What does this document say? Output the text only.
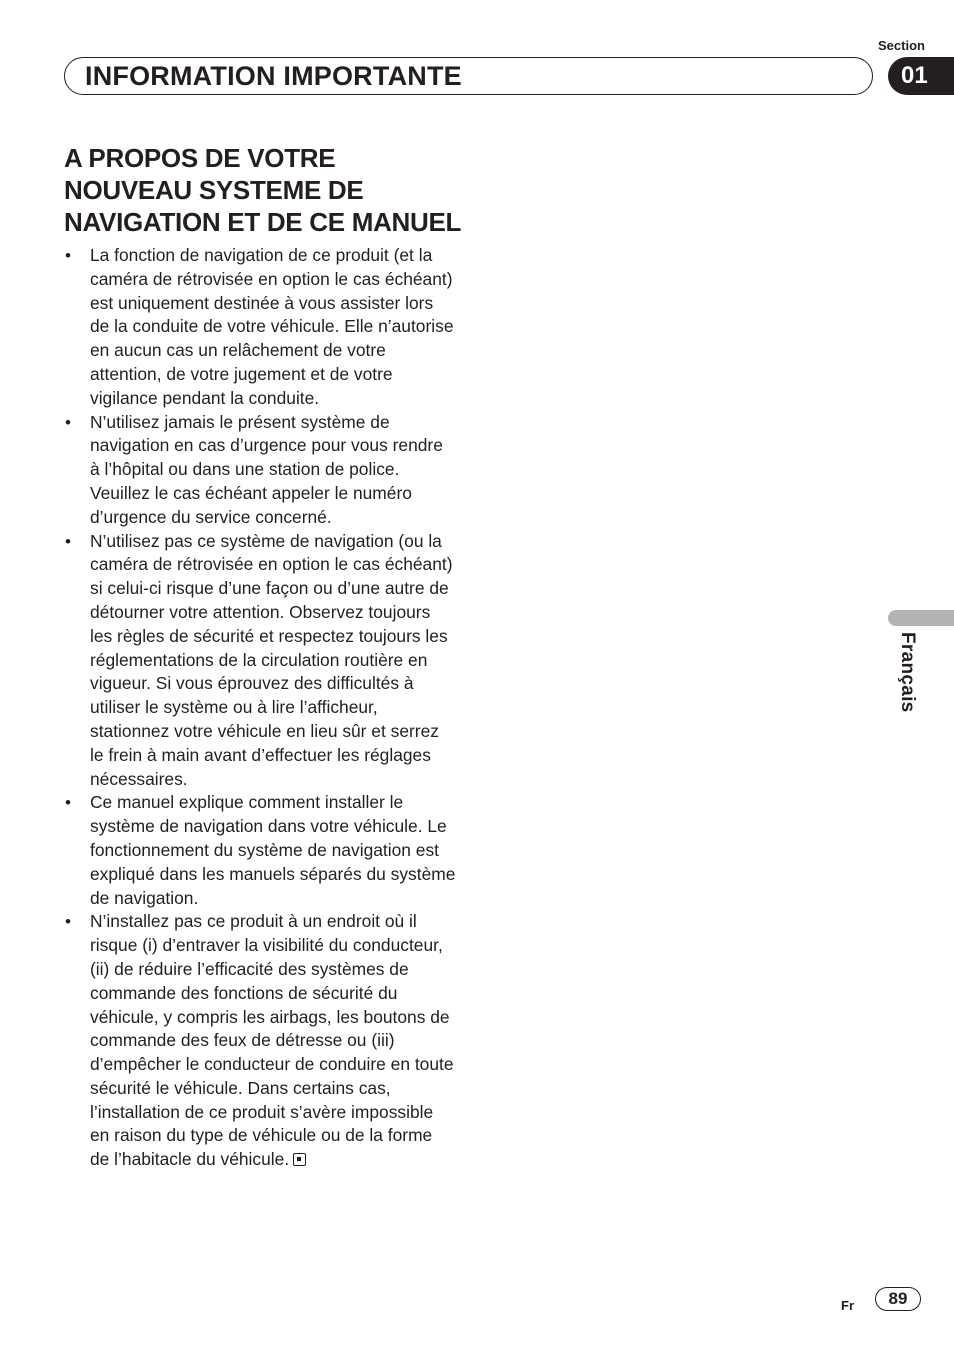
Section
INFORMATION IMPORTANTE	01
A PROPOS DE VOTRE NOUVEAU SYSTEME DE NAVIGATION ET DE CE MANUEL
• La fonction de navigation de ce produit (et la caméra de rétrovisée en option le cas échéant) est uniquement destinée à vous assister lors de la conduite de votre véhicule. Elle n’autorise en aucun cas un relâchement de votre attention, de votre jugement et de votre vigilance pendant la conduite.
• N’utilisez jamais le présent système de navigation en cas d’urgence pour vous rendre à l’hôpital ou dans une station de police. Veuillez le cas échéant appeler le numéro d’urgence du service concerné.
• N’utilisez pas ce système de navigation (ou la caméra de rétrovisée en option le cas échéant) si celui-ci risque d’une façon ou d’une autre de détourner votre attention. Observez toujours les règles de sécurité et respectez toujours les réglementations de la circulation routière en vigueur. Si vous éprouvez des difficultés à utiliser le système ou à lire l’afficheur, stationnez votre véhicule en lieu sûr et serrez le frein à main avant d’effectuer les réglages nécessaires.
• Ce manuel explique comment installer le système de navigation dans votre véhicule. Le fonctionnement du système de navigation est expliqué dans les manuels séparés du système de navigation.
• N’installez pas ce produit à un endroit où il risque (i) d’entraver la visibilité du conducteur, (ii) de réduire l’efficacité des systèmes de commande des fonctions de sécurité du véhicule, y compris les airbags, les boutons de commande des feux de détresse ou (iii) d’empêcher le conducteur de conduire en toute sécurité le véhicule. Dans certains cas, l’installation de ce produit s’avère impossible en raison du type de véhicule ou de la forme de l’habitacle du véhicule.
Français
Fr	89
